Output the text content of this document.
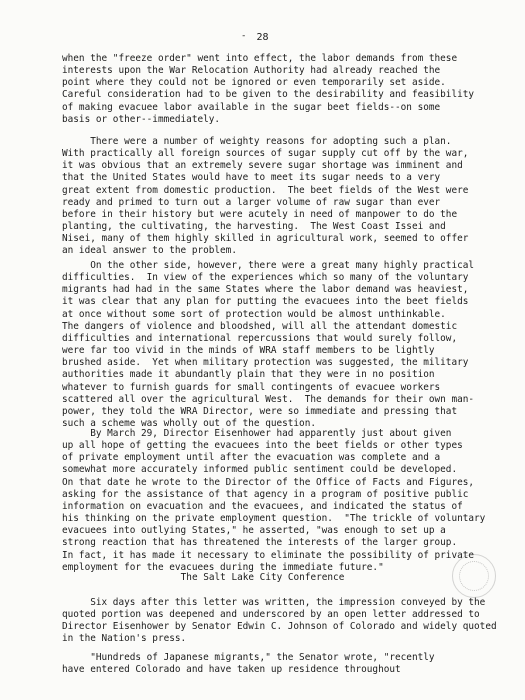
-	28

when the "freeze order" went into effect, the labor demands from these
interests upon the War Relocation Authority had already reached the
point where they could not be ignored or even temporarily set aside.
Careful consideration had to be given to the desirability and feasibility
of making evacuee labor available in the sugar beet fields--on some
basis or other--immediately.

There were a number of weighty reasons for adopting such a plan.
With practically all foreign sources of sugar supply cut off by the war,
it was obvious that an extremely severe sugar shortage was imminent and
that the United States would have to meet its sugar needs to a very
great extent from domestic production.  The beet fields of the West were
ready and primed to turn out a larger volume of raw sugar than ever
before in their history but were acutely in need of manpower to do the
planting, the cultivating, the harvesting.  The West Coast Issei and
Nisei, many of them highly skilled in agricultural work, seemed to offer
an ideal answer to the problem.

On the other side, however, there were a great many highly practical
difficulties.  In view of the experiences which so many of the voluntary
migrants had had in the same States where the labor demand was heaviest,
it was clear that any plan for putting the evacuees into the beet fields
at once without some sort of protection would be almost unthinkable.
The dangers of violence and bloodshed, will all the attendant domestic
difficulties and international repercussions that would surely follow,
were far too vivid in the minds of WRA staff members to be lightly
brushed aside.  Yet when military protection was suggested, the military
authorities made it abundantly plain that they were in no position
whatever to furnish guards for small contingents of evacuee workers
scattered all over the agricultural West.  The demands for their own man-
power, they told the WRA Director, were so immediate and pressing that
such a scheme was wholly out of the question.

By March 29, Director Eisenhower had apparently just about given
up all hope of getting the evacuees into the beet fields or other types
of private employment until after the evacuation was complete and a
somewhat more accurately informed public sentiment could be developed.
On that date he wrote to the Director of the Office of Facts and Figures,
asking for the assistance of that agency in a program of positive public
information on evacuation and the evacuees, and indicated the status of
his thinking on the private employment question.  "The trickle of voluntary
evacuees into outlying States," he asserted, "was enough to set up a
strong reaction that has threatened the interests of the larger group.
In fact, it has made it necessary to eliminate the possibility of private
employment for the evacuees during the immediate future."

The Salt Lake City Conference

Six days after this letter was written, the impression conveyed by the
quoted portion was deepened and underscored by an open letter addressed to
Director Eisenhower by Senator Edwin C. Johnson of Colorado and widely quoted
in the Nation's press.

"Hundreds of Japanese migrants," the Senator wrote, "recently
have entered Colorado and have taken up residence throughout
